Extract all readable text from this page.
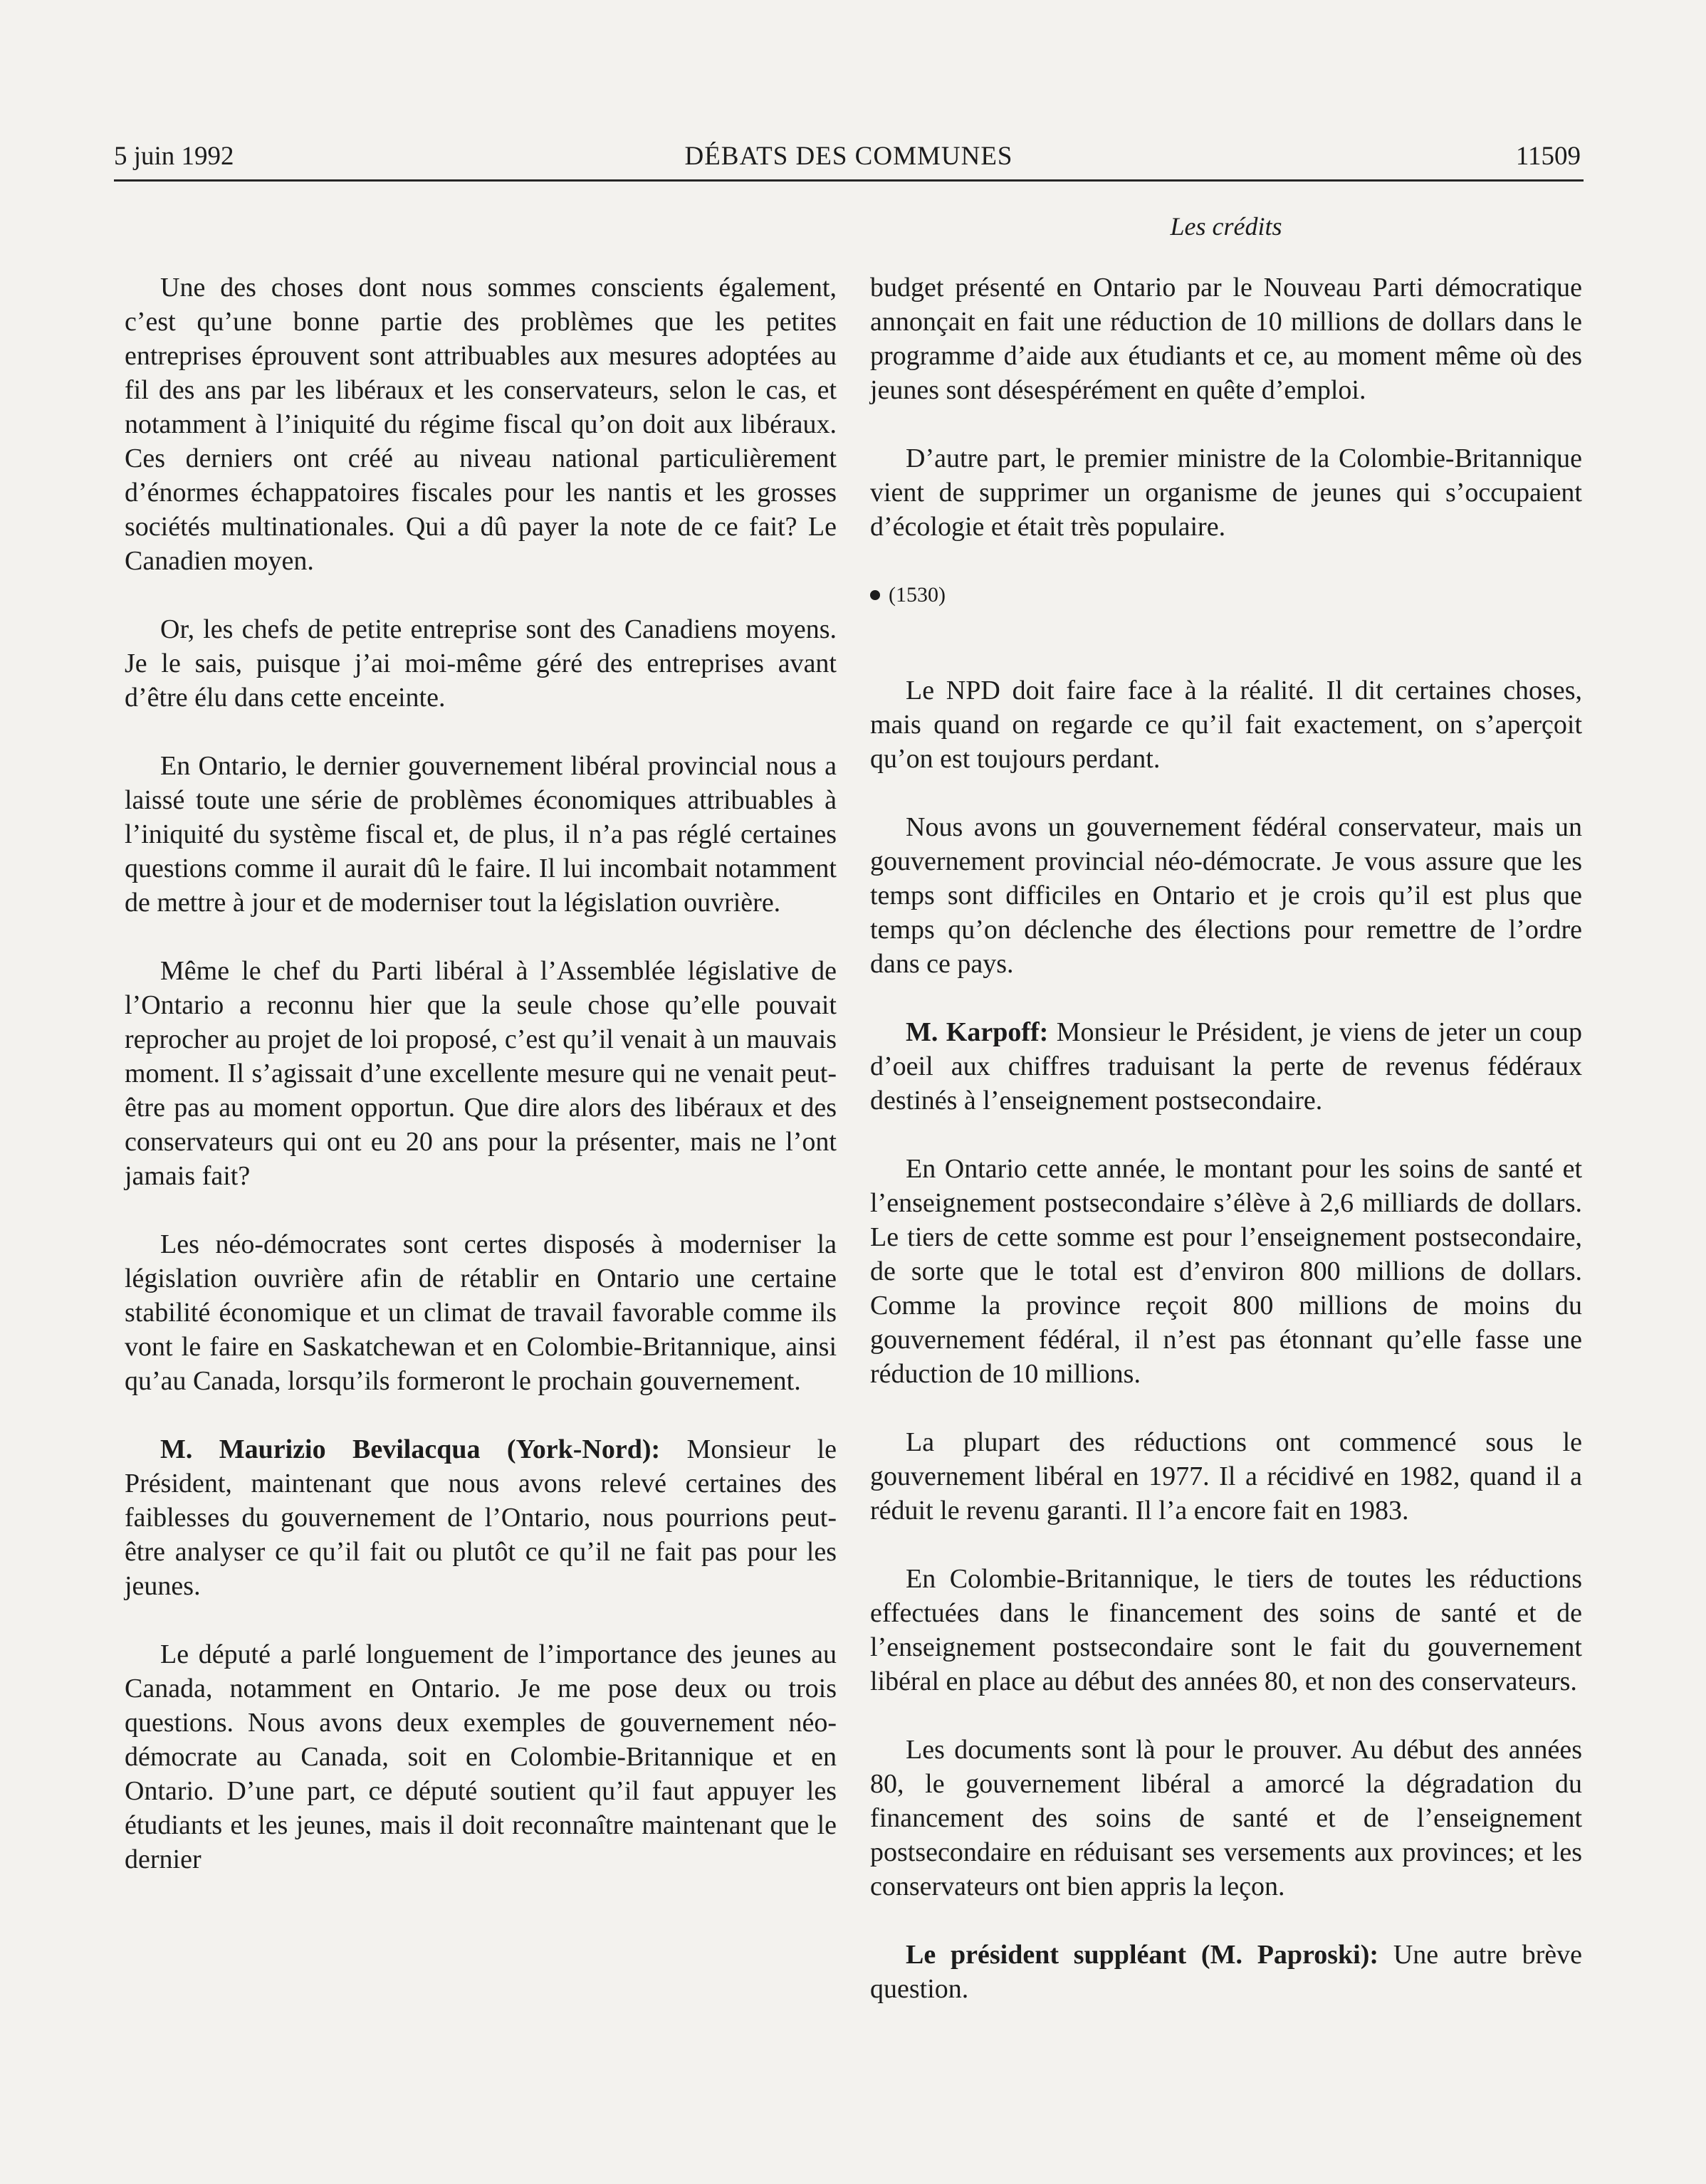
5 juin 1992	DÉBATS DES COMMUNES	11509
Les crédits

Une des choses dont nous sommes conscients également, c’est qu’une bonne partie des problèmes que les petites entreprises éprouvent sont attribuables aux mesures adoptées au fil des ans par les libéraux et les conservateurs, selon le cas, et notamment à l’iniquité du régime fiscal qu’on doit aux libéraux. Ces derniers ont créé au niveau national particulièrement d’énormes échappatoires fiscales pour les nantis et les grosses sociétés multinationales. Qui a dû payer la note de ce fait? Le Canadien moyen.

Or, les chefs de petite entreprise sont des Canadiens moyens. Je le sais, puisque j’ai moi-même géré des entreprises avant d’être élu dans cette enceinte.

En Ontario, le dernier gouvernement libéral provincial nous a laissé toute une série de problèmes économiques attribuables à l’iniquité du système fiscal et, de plus, il n’a pas réglé certaines questions comme il aurait dû le faire. Il lui incombait notamment de mettre à jour et de moderniser tout la législation ouvrière.

Même le chef du Parti libéral à l’Assemblée législative de l’Ontario a reconnu hier que la seule chose qu’elle pouvait reprocher au projet de loi proposé, c’est qu’il venait à un mauvais moment. Il s’agissait d’une excellente mesure qui ne venait peut-être pas au moment opportun. Que dire alors des libéraux et des conservateurs qui ont eu 20 ans pour la présenter, mais ne l’ont jamais fait?

Les néo-démocrates sont certes disposés à moderniser la législation ouvrière afin de rétablir en Ontario une certaine stabilité économique et un climat de travail favorable comme ils vont le faire en Saskatchewan et en Colombie-Britannique, ainsi qu’au Canada, lorsqu’ils formeront le prochain gouvernement.

M. Maurizio Bevilacqua (York-Nord): Monsieur le Président, maintenant que nous avons relevé certaines des faiblesses du gouvernement de l’Ontario, nous pourrions peut-être analyser ce qu’il fait ou plutôt ce qu’il ne fait pas pour les jeunes.

Le député a parlé longuement de l’importance des jeunes au Canada, notamment en Ontario. Je me pose deux ou trois questions. Nous avons deux exemples de gouvernement néo-démocrate au Canada, soit en Colombie-Britannique et en Ontario. D’une part, ce député soutient qu’il faut appuyer les étudiants et les jeunes, mais il doit reconnaître maintenant que le dernier

budget présenté en Ontario par le Nouveau Parti démocratique annonçait en fait une réduction de 10 millions de dollars dans le programme d’aide aux étudiants et ce, au moment même où des jeunes sont désespérément en quête d’emploi.

D’autre part, le premier ministre de la Colombie-Britannique vient de supprimer un organisme de jeunes qui s’occupaient d’écologie et était très populaire.

(1530)

Le NPD doit faire face à la réalité. Il dit certaines choses, mais quand on regarde ce qu’il fait exactement, on s’aperçoit qu’on est toujours perdant.

Nous avons un gouvernement fédéral conservateur, mais un gouvernement provincial néo-démocrate. Je vous assure que les temps sont difficiles en Ontario et je crois qu’il est plus que temps qu’on déclenche des élections pour remettre de l’ordre dans ce pays.

M. Karpoff: Monsieur le Président, je viens de jeter un coup d’oeil aux chiffres traduisant la perte de revenus fédéraux destinés à l’enseignement postsecondaire.

En Ontario cette année, le montant pour les soins de santé et l’enseignement postsecondaire s’élève à 2,6 milliards de dollars. Le tiers de cette somme est pour l’enseignement postsecondaire, de sorte que le total est d’environ 800 millions de dollars. Comme la province reçoit 800 millions de moins du gouvernement fédéral, il n’est pas étonnant qu’elle fasse une réduction de 10 millions.

La plupart des réductions ont commencé sous le gouvernement libéral en 1977. Il a récidivé en 1982, quand il a réduit le revenu garanti. Il l’a encore fait en 1983.

En Colombie-Britannique, le tiers de toutes les réductions effectuées dans le financement des soins de santé et de l’enseignement postsecondaire sont le fait du gouvernement libéral en place au début des années 80, et non des conservateurs.

Les documents sont là pour le prouver. Au début des années 80, le gouvernement libéral a amorcé la dégradation du financement des soins de santé et de l’enseignement postsecondaire en réduisant ses versements aux provinces; et les conservateurs ont bien appris la leçon.

Le président suppléant (M. Paproski): Une autre brève question.
